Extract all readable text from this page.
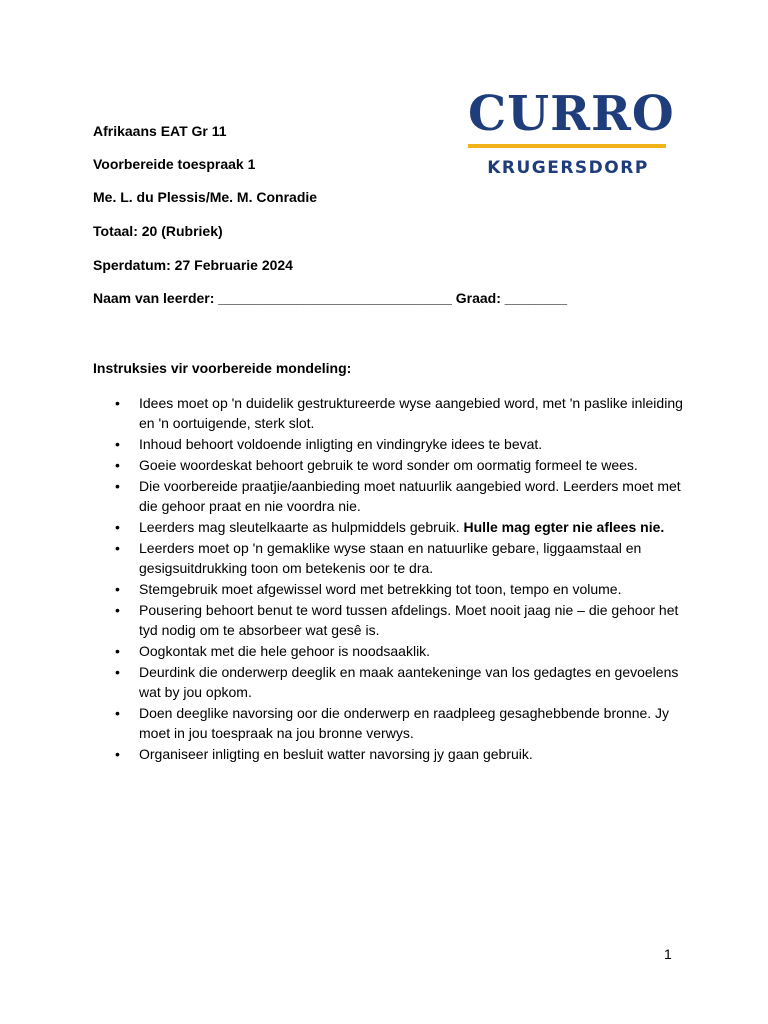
CURRO
KRUGERSDORP
Afrikaans EAT Gr 11
Voorbereide toespraak 1
Me. L. du Plessis/Me. M. Conradie
Totaal: 20 (Rubriek)
Sperdatum: 27 Februarie 2024
Naam van leerder: ______________________________ Graad: ________
Instruksies vir voorbereide mondeling:
• Idees moet op 'n duidelik gestruktureerde wyse aangebied word, met 'n paslike inleiding en 'n oortuigende, sterk slot.
• Inhoud behoort voldoende inligting en vindingryke idees te bevat.
• Goeie woordeskat behoort gebruik te word sonder om oormatig formeel te wees.
• Die voorbereide praatjie/aanbieding moet natuurlik aangebied word. Leerders moet met die gehoor praat en nie voordra nie.
• Leerders mag sleutelkaarte as hulpmiddels gebruik. Hulle mag egter nie aflees nie.
• Leerders moet op 'n gemaklike wyse staan en natuurlike gebare, liggaamstaal en gesigsuitdrukking toon om betekenis oor te dra.
• Stemgebruik moet afgewissel word met betrekking tot toon, tempo en volume.
• Pousering behoort benut te word tussen afdelings. Moet nooit jaag nie – die gehoor het tyd nodig om te absorbeer wat gesê is.
• Oogkontak met die hele gehoor is noodsaaklik.
• Deurdink die onderwerp deeglik en maak aantekeninge van los gedagtes en gevoelens wat by jou opkom.
• Doen deeglike navorsing oor die onderwerp en raadpleeg gesaghebbende bronne. Jy moet in jou toespraak na jou bronne verwys.
• Organiseer inligting en besluit watter navorsing jy gaan gebruik.
1
